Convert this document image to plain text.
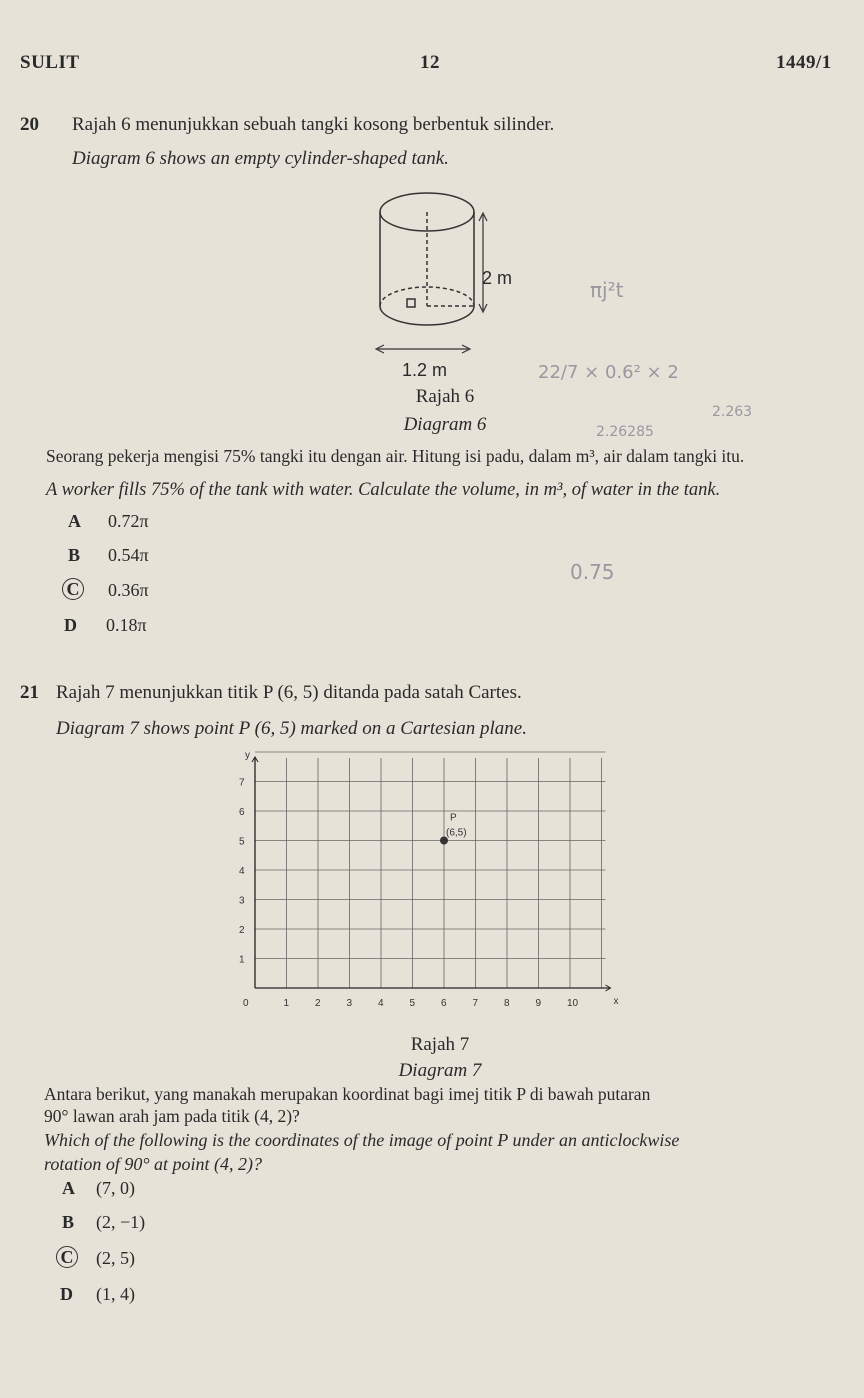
SULIT	12	1449/1
20 Rajah 6 menunjukkan sebuah tangki kosong berbentuk silinder.
Diagram 6 shows an empty cylinder-shaped tank.
2 m
1.2 m
Rajah 6
Diagram 6
πj²t
22/7 × 0.6² × 2
2.263
2.26285
0.75
Seorang pekerja mengisi 75% tangki itu dengan air. Hitung isi padu, dalam m³, air dalam tangki itu.
A worker fills 75% of the tank with water. Calculate the volume, in m³, of water in the tank.
A 0.72π
B 0.54π
C 0.36π
D 0.18π
21 Rajah 7 menunjukkan titik P (6, 5) ditanda pada satah Cartes.
Diagram 7 shows point P (6, 5) marked on a Cartesian plane.
0	1	2	3	4	5	6	7	8	9	10
1
2
3
4
5
6
7
x
y
P
(6,5)
Rajah 7
Diagram 7
Antara berikut, yang manakah merupakan koordinat bagi imej titik P di bawah putaran
90° lawan arah jam pada titik (4, 2)?
Which of the following is the coordinates of the image of point P under an anticlockwise
rotation of 90° at point (4, 2)?
A (7, 0)
B (2, −1)
C (2, 5)
D (1, 4)
